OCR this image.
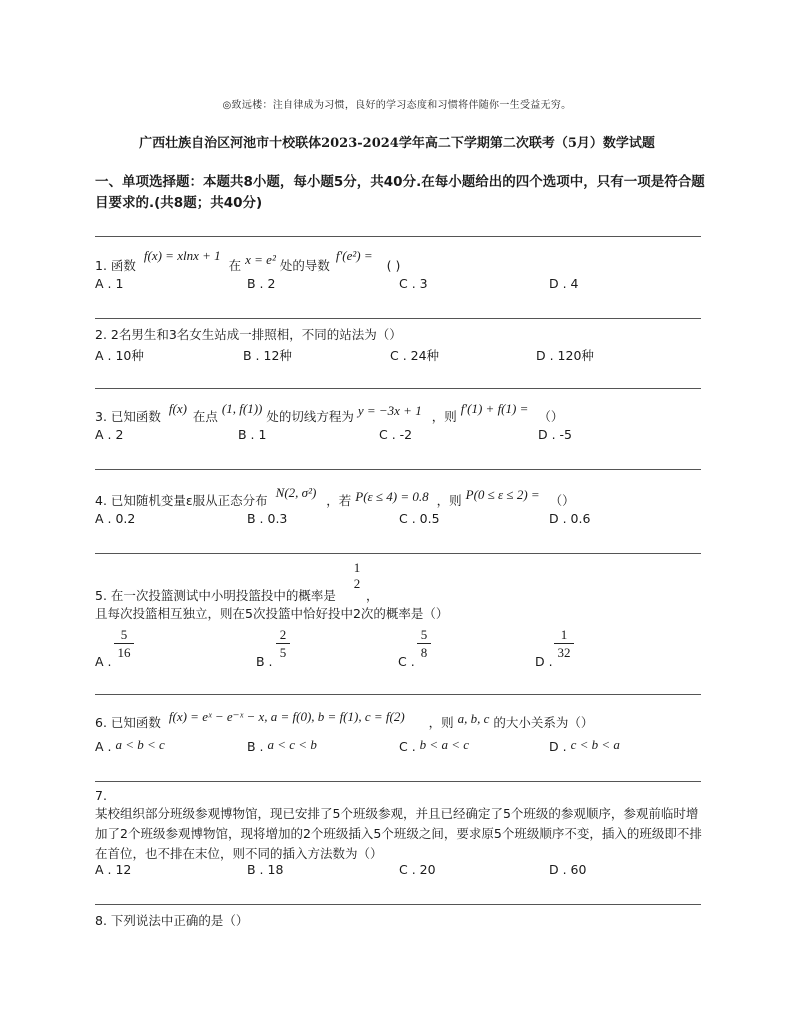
◎致远楼：注自律成为习惯，良好的学习态度和习惯将伴随你一生受益无穷。
广西壮族自治区河池市十校联体2023-2024学年高二下学期第二次联考（5月）数学试题
一、单项选择题：本题共8小题，每小题5分，共40分.在每小题给出的四个选项中，只有一项是符合题目要求的.(共8题；共40分)
1. 函数 f(x) = xlnx + 1 在 x = e² 处的导数 f′(e²) = ( )
A . 1	B . 2	C . 3	D . 4
2. 2名男生和3名女生站成一排照相，不同的站法为（）
A . 10种	B . 12种	C . 24种	D . 120种
3. 已知函数 f(x) 在点 (1, f(1)) 处的切线方程为 y = −3x + 1 ，则 f′(1) + f(1) = （）
A . 2	B . 1	C . -2	D . -5
4. 已知随机变量ε服从正态分布 N(2, σ²) ，若 P(ε ≤ 4) = 0.8 ，则 P(0 ≤ ε ≤ 2) = （）
A . 0.2	B . 0.3	C . 0.5	D . 0.6
5. 在一次投篮测试中小明投篮投中的概率是
1
2
，
且每次投篮相互独立，则在5次投篮中恰好投中2次的概率是（）
A .
5
16
B .
2
5
C .
5
8
D .
1
32
6. 已知函数 f(x) = eˣ − e⁻ˣ − x, a = f(0), b = f(1), c = f(2) ，则 a, b, c 的大小关系为（）
A . a < b < c	B . a < c < b	C . b < a < c	D . c < b < a
7.
某校组织部分班级参观博物馆，现已安排了5个班级参观，并且已经确定了5个班级的参观顺序，参观前临时增加了2个班级参观博物馆，现将增加的2个班级插入5个班级之间，要求原5个班级顺序不变，插入的班级即不排在首位，也不排在末位，则不同的插入方法数为（）
A . 12	B . 18	C . 20	D . 60
8. 下列说法中正确的是（）
